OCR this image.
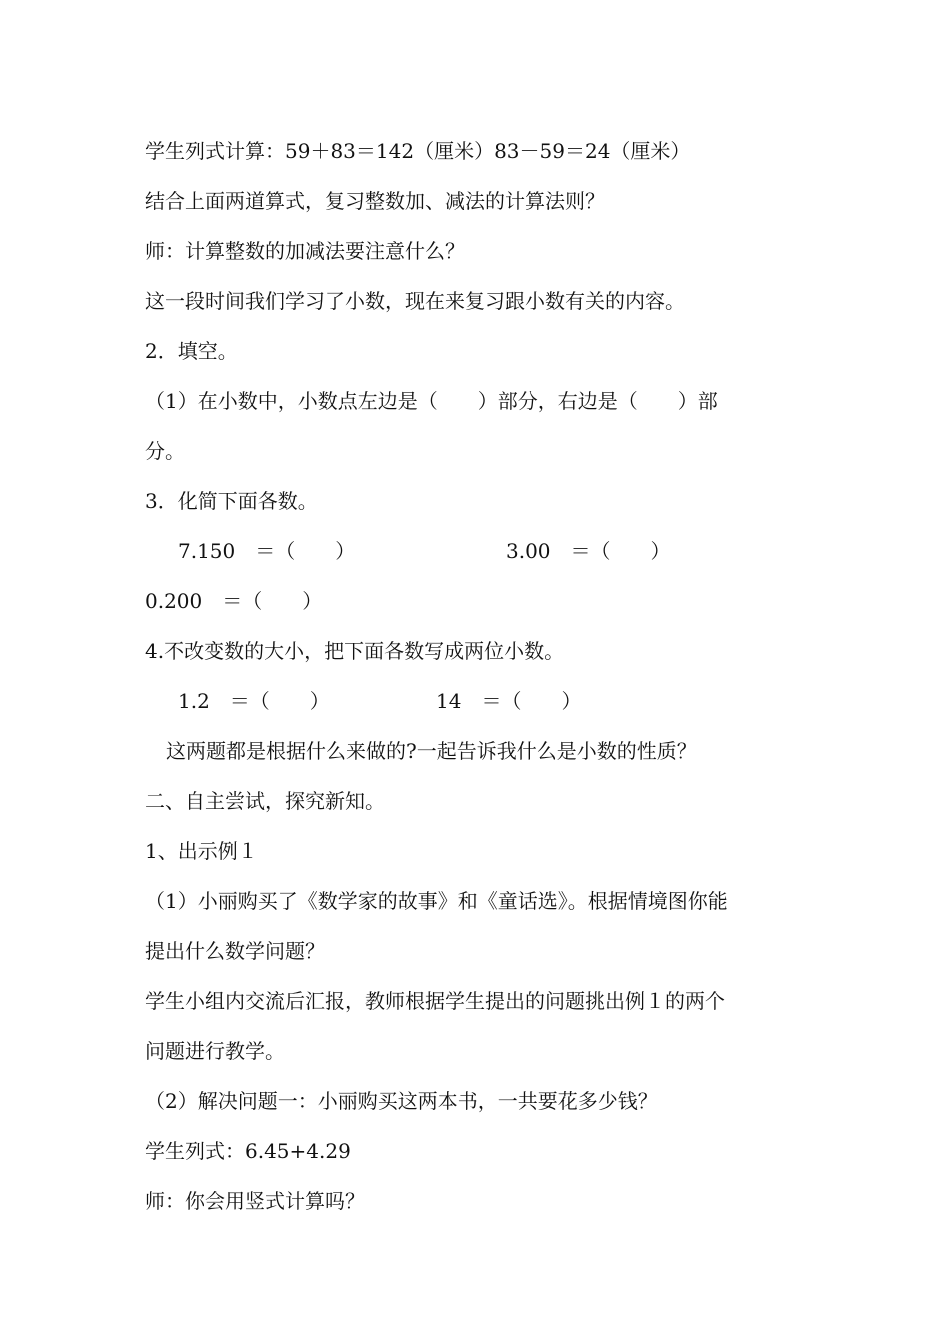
学生列式计算：59＋83＝142（厘米）83－59＝24（厘米）
结合上面两道算式，复习整数加、减法的计算法则？
师：计算整数的加减法要注意什么？
这一段时间我们学习了小数，现在来复习跟小数有关的内容。
2．填空。
（1）在小数中，小数点左边是（　　）部分，右边是（　　）部
分。
3．化简下面各数。
7.150　＝（　　）	3.00　＝（　　）
0.200　＝（　　）
4.不改变数的大小，把下面各数写成两位小数。
1.2　＝（　　）	14　＝（　　）
这两题都是根据什么来做的?一起告诉我什么是小数的性质？
二、自主尝试，探究新知。
1、出示例１
（1）小丽购买了《数学家的故事》和《童话选》。根据情境图你能
提出什么数学问题？
学生小组内交流后汇报，教师根据学生提出的问题挑出例１的两个
问题进行教学。
（2）解决问题一：小丽购买这两本书，一共要花多少钱？
学生列式：6.45+4.29
师：你会用竖式计算吗？
